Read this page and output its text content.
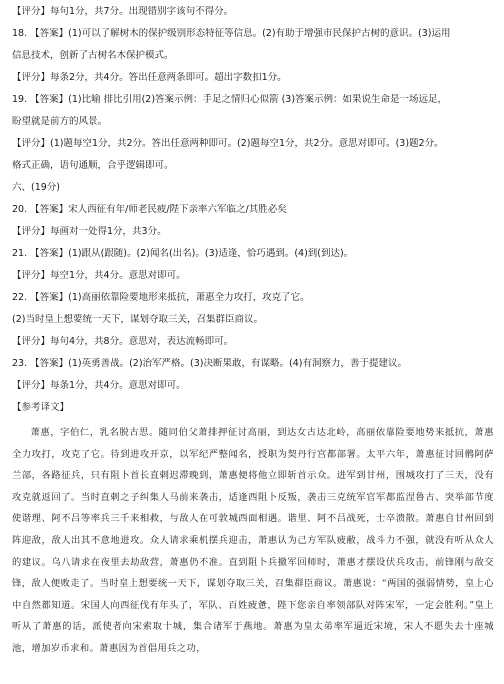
【评分】每句1分，共7分。出现错别字该句不得分。

18. 【答案】(1)可以了解树木的保护级别形态特征等信息。(2)有助于增强市民保护古树的意识。(3)运用

信息技术，创新了古树名木保护模式。

【评分】每条2分，共4分。答出任意两条即可。超出字数扣1分。

19. 【答案】(1)比喻 排比引用(2)答案示例：手足之情归心似箭 (3)答案示例：如果说生命是一场远足，

盼望就是前方的风景。

【评分】(1)题每空1分，共2分。答出任意两种即可。(2)题每空1分，共2分。意思对即可。(3)题2分。

格式正确，语句通顺，合乎逻辑即可。

六、(19分)

20. 【答案】宋人西征有年/师老民疲/陛下亲率六军临之/其胜必矣

【评分】每画对一处得1分，共3分。

21. 【答案】(1)跟从(跟随)。(2)闻名(出名)。(3)适逢，恰巧遇到。(4)到(到达)。

【评分】每空1分，共4分。意思对即可。

22. 【答案】(1)高丽依靠险要地形来抵抗，萧惠全力攻打，攻克了它。

(2)当时皇上想要统一天下，谋划夺取三关，召集群臣商议。

【评分】每句4分，共8分。意思对，表达流畅即可。

23. 【答案】(1)英勇善战。(2)治军严格。(3)决断果敢，有谋略。(4)有洞察力，善于提建议。

【评分】每条1分，共4分。意思对即可。

【参考译文】

萧惠，字伯仁，乳名脱古思。随同伯父萧排押征讨高丽，到达女古达北岭，高丽依靠险要地势来抵抗，萧惠全力攻打，攻克了它。待到进攻开京，以军纪严整闻名，授职为契丹行宫都部署。太平六年，萧惠征讨回鹘阿萨兰部，各路征兵，只有阻卜首长直剌迟滞晚到，萧惠便将他立即斩首示众。进军到甘州，围城攻打了三天，没有攻克就返回了。当时直剌之子纠集人马前来袭击，适逢西阻卜反叛，袭击三克统军官军都监涅鲁古、突举部节度使谐理、阿不吕等率兵三千来相救，与敌人在可敦城西面相遇。谐里、阿不吕战死，士卒溃散。萧惠自甘州回到阵迎敌，敌人出其不意地进攻。众人请求乘机摆兵迎击，萧惠认为己方军队疲敝，战斗力不强，就没有听从众人的建议。乌八请求在夜里去劫敌营，萧惠仍不准。直到阻卜兵撤军回师时，萧惠才摆设伏兵攻击，前锋刚与敌交锋，敌人便败走了。当时皇上想要统一天下，谋划夺取三关，召集群臣商议。萧惠说：“两国的强弱情势，皇上心中自然都知道。宋国人向西征伐有年头了，军队、百姓疲惫，陛下您亲自率领部队对阵宋军，一定会胜利。”皇上听从了萧惠的话，派使者向宋索取十城，集合诸军于燕地。萧惠为皇太弟率军逼近宋境，宋人不愿失去十座城池，增加岁币求和。萧惠因为首倡用兵之功，
